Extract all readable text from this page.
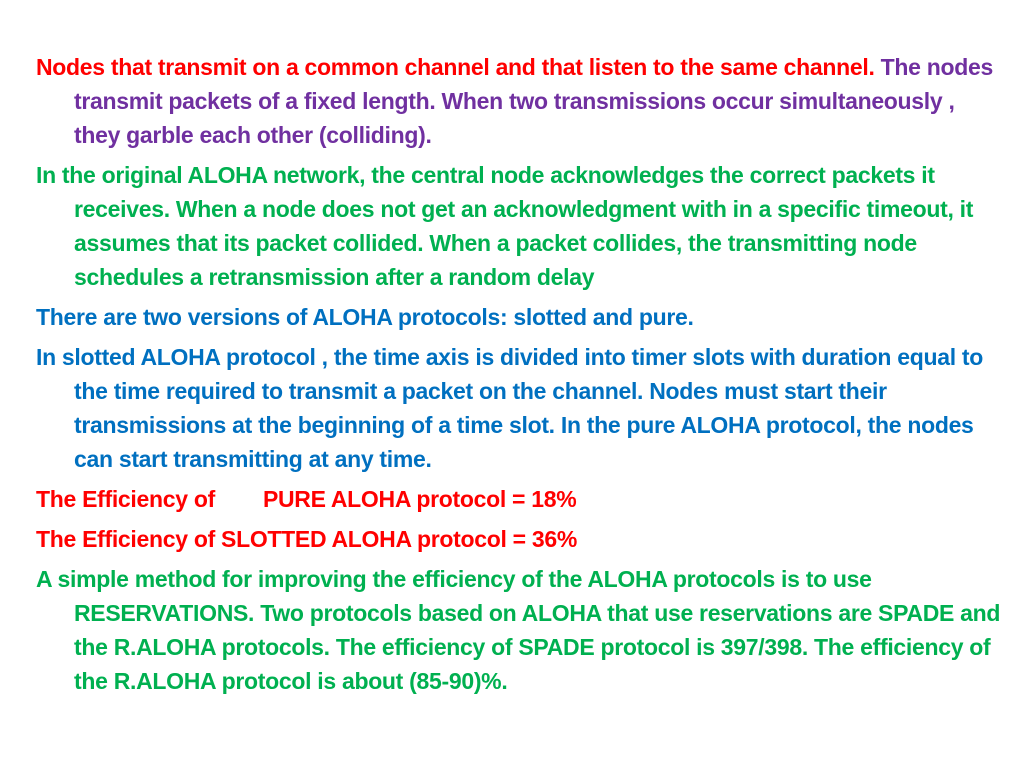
Nodes that transmit on a common channel and that listen to the same channel. The nodes transmit packets of a fixed length. When two transmissions occur simultaneously , they garble each other (colliding).

In the original ALOHA network, the central node acknowledges the correct packets it receives. When a node does not get an acknowledgment with in a specific timeout, it assumes that its packet collided. When a packet collides, the transmitting node schedules a retransmission after a random delay

There are two versions of ALOHA protocols: slotted and pure.

In slotted ALOHA protocol , the time axis is divided into timer slots with duration equal to the time required to transmit a packet on the channel. Nodes must start their transmissions at the beginning of a time slot. In the pure ALOHA protocol, the nodes can start transmitting at any time.

The Efficiency of PURE ALOHA protocol = 18%

The Efficiency of SLOTTED ALOHA protocol = 36%

A simple method for improving the efficiency of the ALOHA protocols is to use RESERVATIONS. Two protocols based on ALOHA that use reservations are SPADE and the R.ALOHA protocols. The efficiency of SPADE protocol is 397/398. The efficiency of the R.ALOHA protocol is about (85-90)%.
